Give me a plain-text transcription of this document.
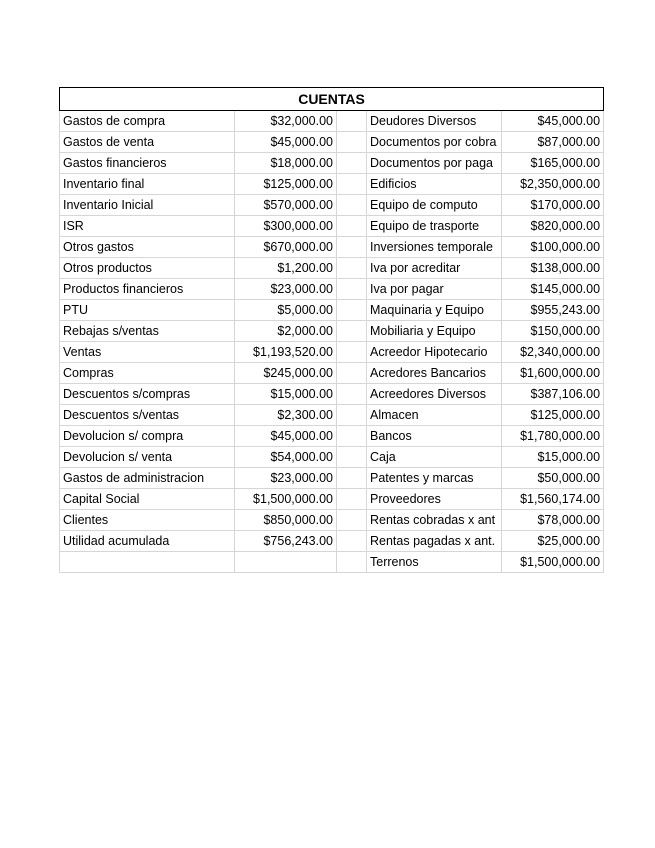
CUENTAS				
Gastos de compra	$32,000.00		Deudores Diversos	$45,000.00
Gastos de venta	$45,000.00		Documentos por cobra	$87,000.00
Gastos financieros	$18,000.00		Documentos por paga	$165,000.00
Inventario final	$125,000.00		Edificios	$2,350,000.00
Inventario Inicial	$570,000.00		Equipo de computo	$170,000.00
ISR	$300,000.00		Equipo de trasporte	$820,000.00
Otros gastos	$670,000.00		Inversiones temporale	$100,000.00
Otros productos	$1,200.00		Iva por acreditar	$138,000.00
Productos financieros	$23,000.00		Iva por pagar	$145,000.00
PTU	$5,000.00		Maquinaria y Equipo	$955,243.00
Rebajas s/ventas	$2,000.00		Mobiliaria y Equipo	$150,000.00
Ventas	$1,193,520.00		Acreedor Hipotecario	$2,340,000.00
Compras	$245,000.00		Acredores Bancarios	$1,600,000.00
Descuentos s/compras	$15,000.00		Acreedores Diversos	$387,106.00
Descuentos s/ventas	$2,300.00		Almacen	$125,000.00
Devolucion s/ compra	$45,000.00		Bancos	$1,780,000.00
Devolucion s/ venta	$54,000.00		Caja	$15,000.00
Gastos de administracion	$23,000.00		Patentes y marcas	$50,000.00
Capital Social	$1,500,000.00		Proveedores	$1,560,174.00
Clientes	$850,000.00		Rentas cobradas x ant	$78,000.00
Utilidad acumulada	$756,243.00		Rentas pagadas x ant.	$25,000.00
			Terrenos	$1,500,000.00
